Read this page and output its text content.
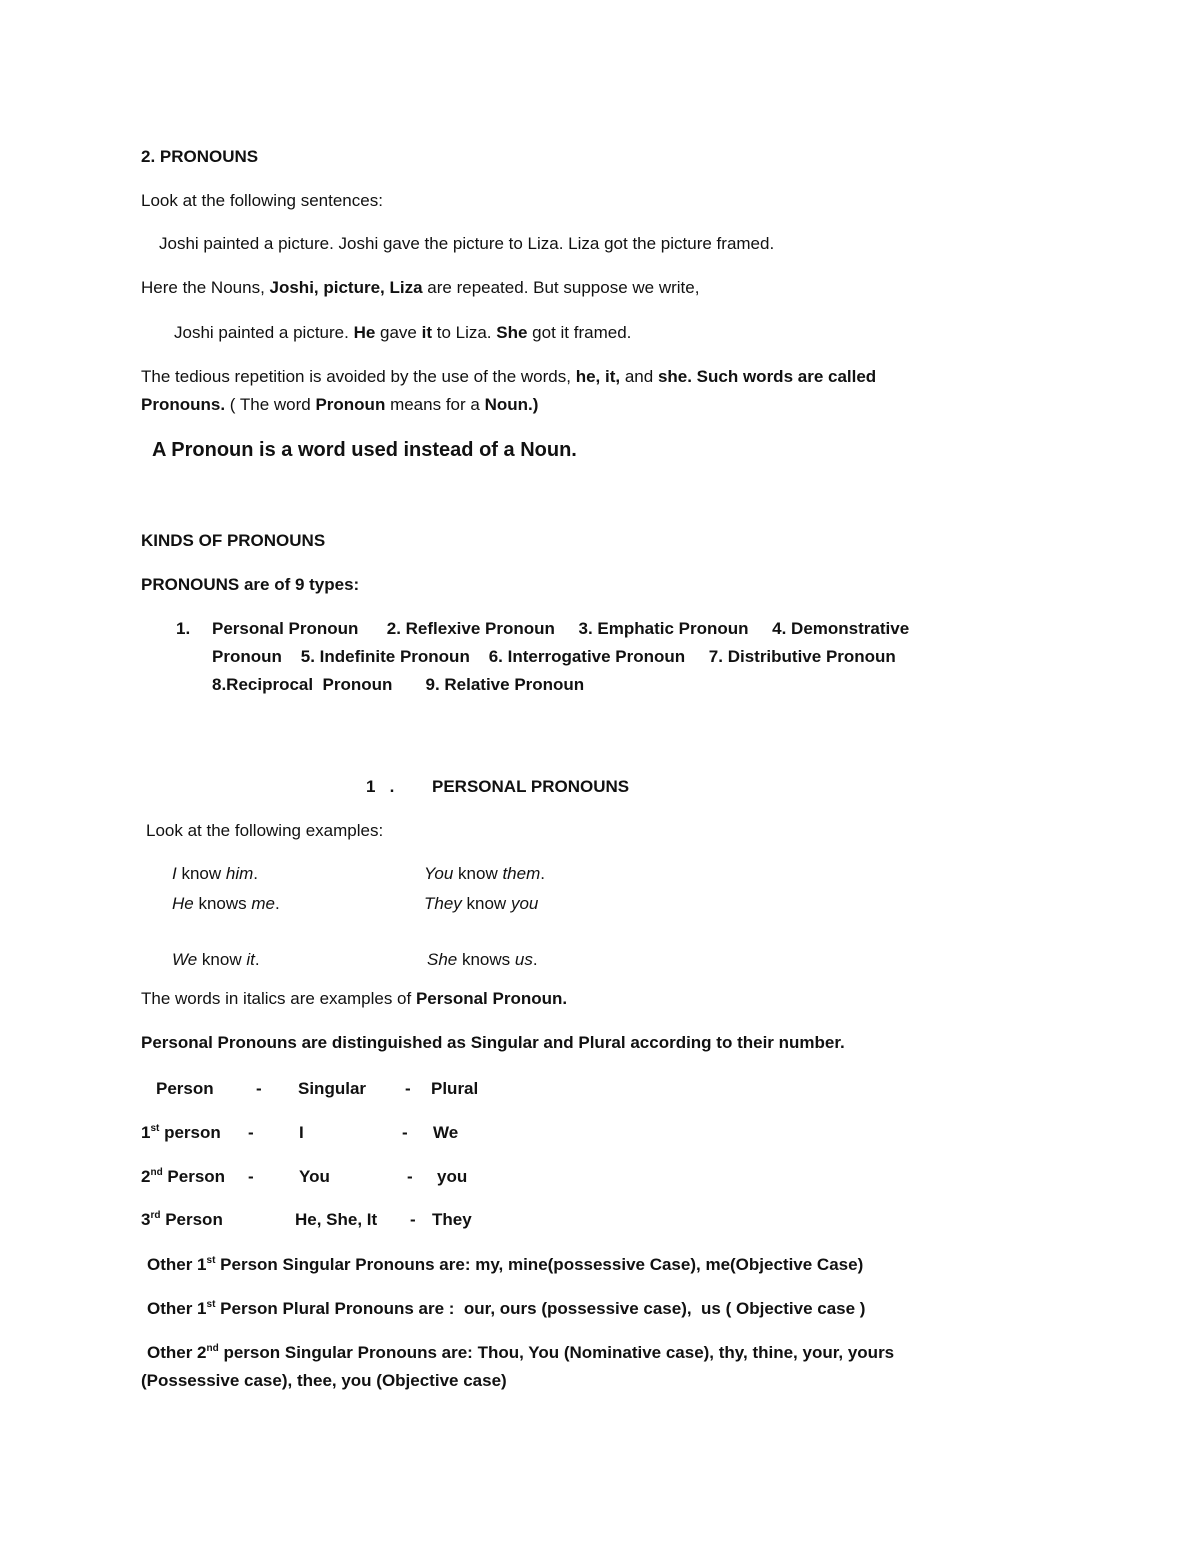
2. PRONOUNS
Look at the following sentences:
Joshi painted a picture. Joshi gave the picture to Liza. Liza got the picture framed.
Here the Nouns, Joshi, picture, Liza are repeated. But suppose we write,
Joshi painted a picture. He gave it to Liza. She got it framed.
The tedious repetition is avoided by the use of the words, he, it, and she. Such words are called
Pronouns. ( The word Pronoun means for a Noun.)
A Pronoun is a word used instead of a Noun.
KINDS OF PRONOUNS
PRONOUNS are of 9 types:
1. Personal Pronoun      2. Reflexive Pronoun     3. Emphatic Pronoun     4. Demonstrative
Pronoun    5. Indefinite Pronoun    6. Interrogative Pronoun     7. Distributive Pronoun
8.Reciprocal  Pronoun       9. Relative Pronoun
1   . PERSONAL PRONOUNS
Look at the following examples:
I know him.	You know them.
He knows me.	They know you
We know it.	She knows us.
The words in italics are examples of Personal Pronoun.
Personal Pronouns are distinguished as Singular and Plural according to their number.
Person - Singular - Plural
1st person -	I	- We
2nd Person -	You	- you
3rd Person	He, She, It - They
Other 1st Person Singular Pronouns are: my, mine(possessive Case), me(Objective Case)
Other 1st Person Plural Pronouns are :  our, ours (possessive case),  us ( Objective case )
Other 2nd person Singular Pronouns are: Thou, You (Nominative case), thy, thine, your, yours
(Possessive case), thee, you (Objective case)
